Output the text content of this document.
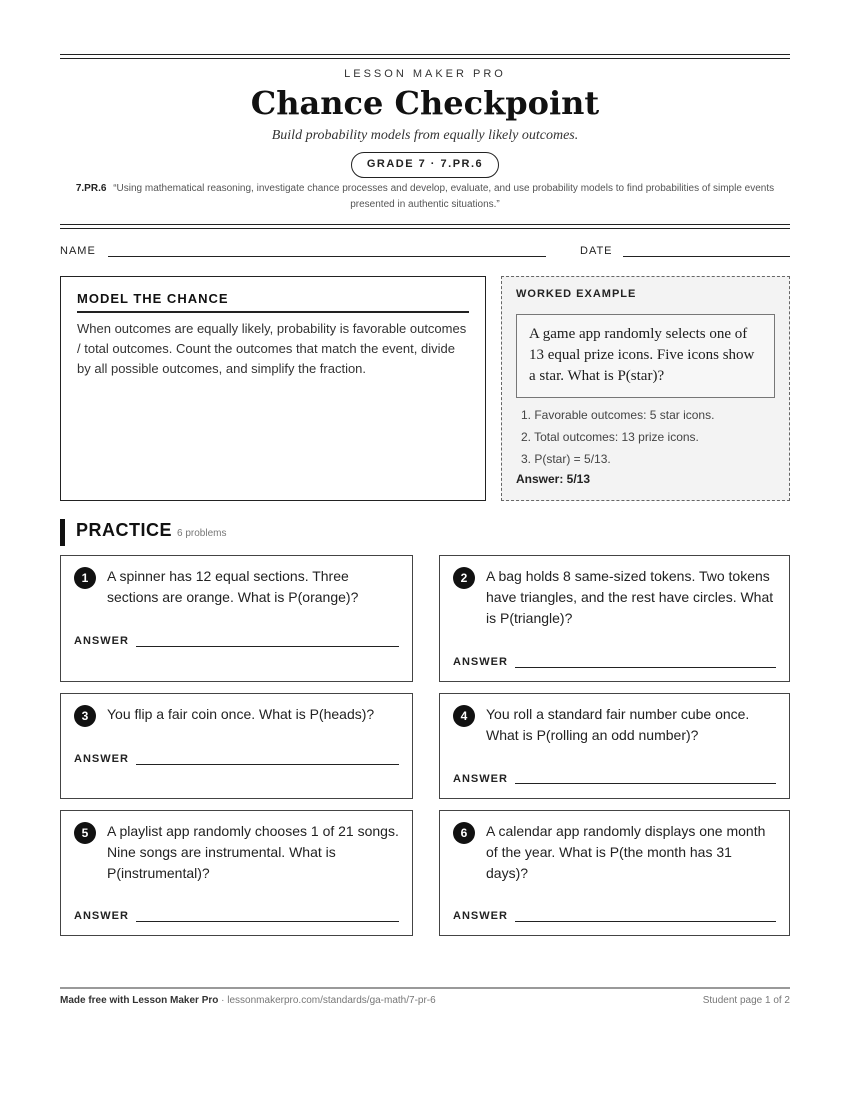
LESSON MAKER PRO
Chance Checkpoint
Build probability models from equally likely outcomes.
GRADE 7 · 7.PR.6
7.PR.6 “Using mathematical reasoning, investigate chance processes and develop, evaluate, and use probability models to find probabilities of simple events presented in authentic situations.”
NAME	DATE
MODEL THE CHANCE
When outcomes are equally likely, probability is favorable outcomes / total outcomes. Count the outcomes that match the event, divide by all possible outcomes, and simplify the fraction.
WORKED EXAMPLE
A game app randomly selects one of 13 equal prize icons. Five icons show a star. What is P(star)?
1. Favorable outcomes: 5 star icons.
2. Total outcomes: 13 prize icons.
3. P(star) = 5/13.
Answer: 5/13
PRACTICE 6 problems
1	A spinner has 12 equal sections. Three sections are orange. What is P(orange)?
ANSWER
2	A bag holds 8 same-sized tokens. Two tokens have triangles, and the rest have circles. What is P(triangle)?
ANSWER
3	You flip a fair coin once. What is P(heads)?
ANSWER
4	You roll a standard fair number cube once. What is P(rolling an odd number)?
ANSWER
5	A playlist app randomly chooses 1 of 21 songs. Nine songs are instrumental. What is P(instrumental)?
ANSWER
6	A calendar app randomly displays one month of the year. What is P(the month has 31 days)?
ANSWER
Made free with Lesson Maker Pro · lessonmakerpro.com/standards/ga-math/7-pr-6	Student page 1 of 2
